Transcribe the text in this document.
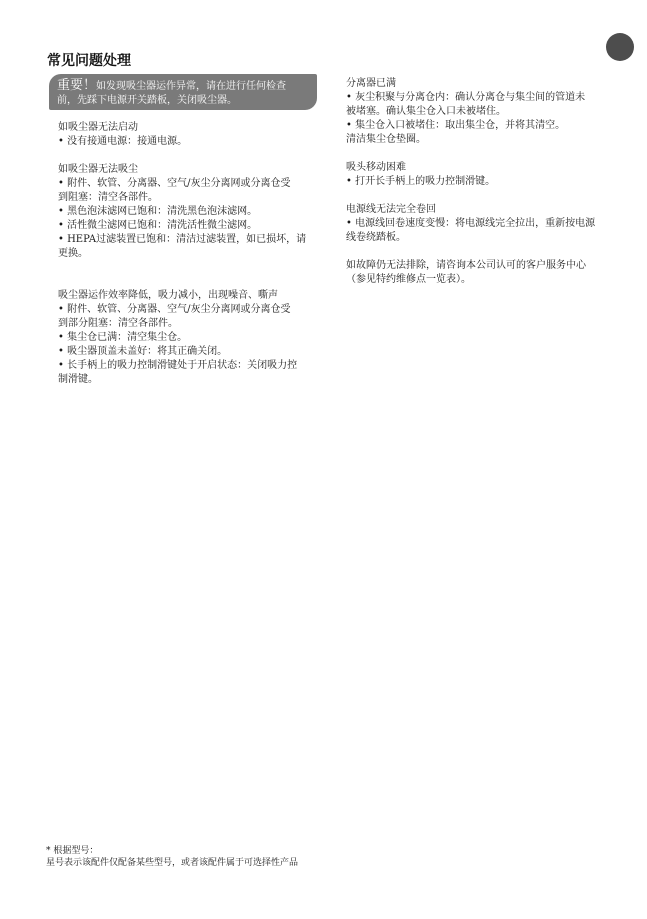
常见问题处理
重要！如发现吸尘器运作异常，请在进行任何检查
前，先踩下电源开关踏板，关闭吸尘器。
如吸尘器无法启动
• 没有接通电源：接通电源。
如吸尘器无法吸尘
• 附件、软管、分离器、空气/灰尘分离网或分离仓受
到阻塞：清空各部件。
• 黑色泡沫滤网已饱和：清洗黑色泡沫滤网。
• 活性微尘滤网已饱和：清洗活性微尘滤网。
• HEPA过滤装置已饱和：清洁过滤装置，如已损坏，请
更换。
吸尘器运作效率降低，吸力减小，出现噪音、嘶声
• 附件、软管、分离器、空气/灰尘分离网或分离仓受
到部分阻塞：清空各部件。
• 集尘仓已满：清空集尘仓。
• 吸尘器顶盖未盖好：将其正确关闭。
• 长手柄上的吸力控制滑键处于开启状态：关闭吸力控
制滑键。
分离器已满
• 灰尘积聚与分离仓内：确认分离仓与集尘间的管道未
被堵塞。确认集尘仓入口未被堵住。
• 集尘仓入口被堵住：取出集尘仓，并将其清空。
清洁集尘仓垫圈。
吸头移动困难
• 打开长手柄上的吸力控制滑键。
电源线无法完全卷回
• 电源线回卷速度变慢：将电源线完全拉出，重新按电源
线卷绕踏板。
如故障仍无法排除，请咨询本公司认可的客户服务中心
（参见特约维修点一览表）。
* 根据型号：
星号表示该配件仅配备某些型号，或者该配件属于可选择性产品
